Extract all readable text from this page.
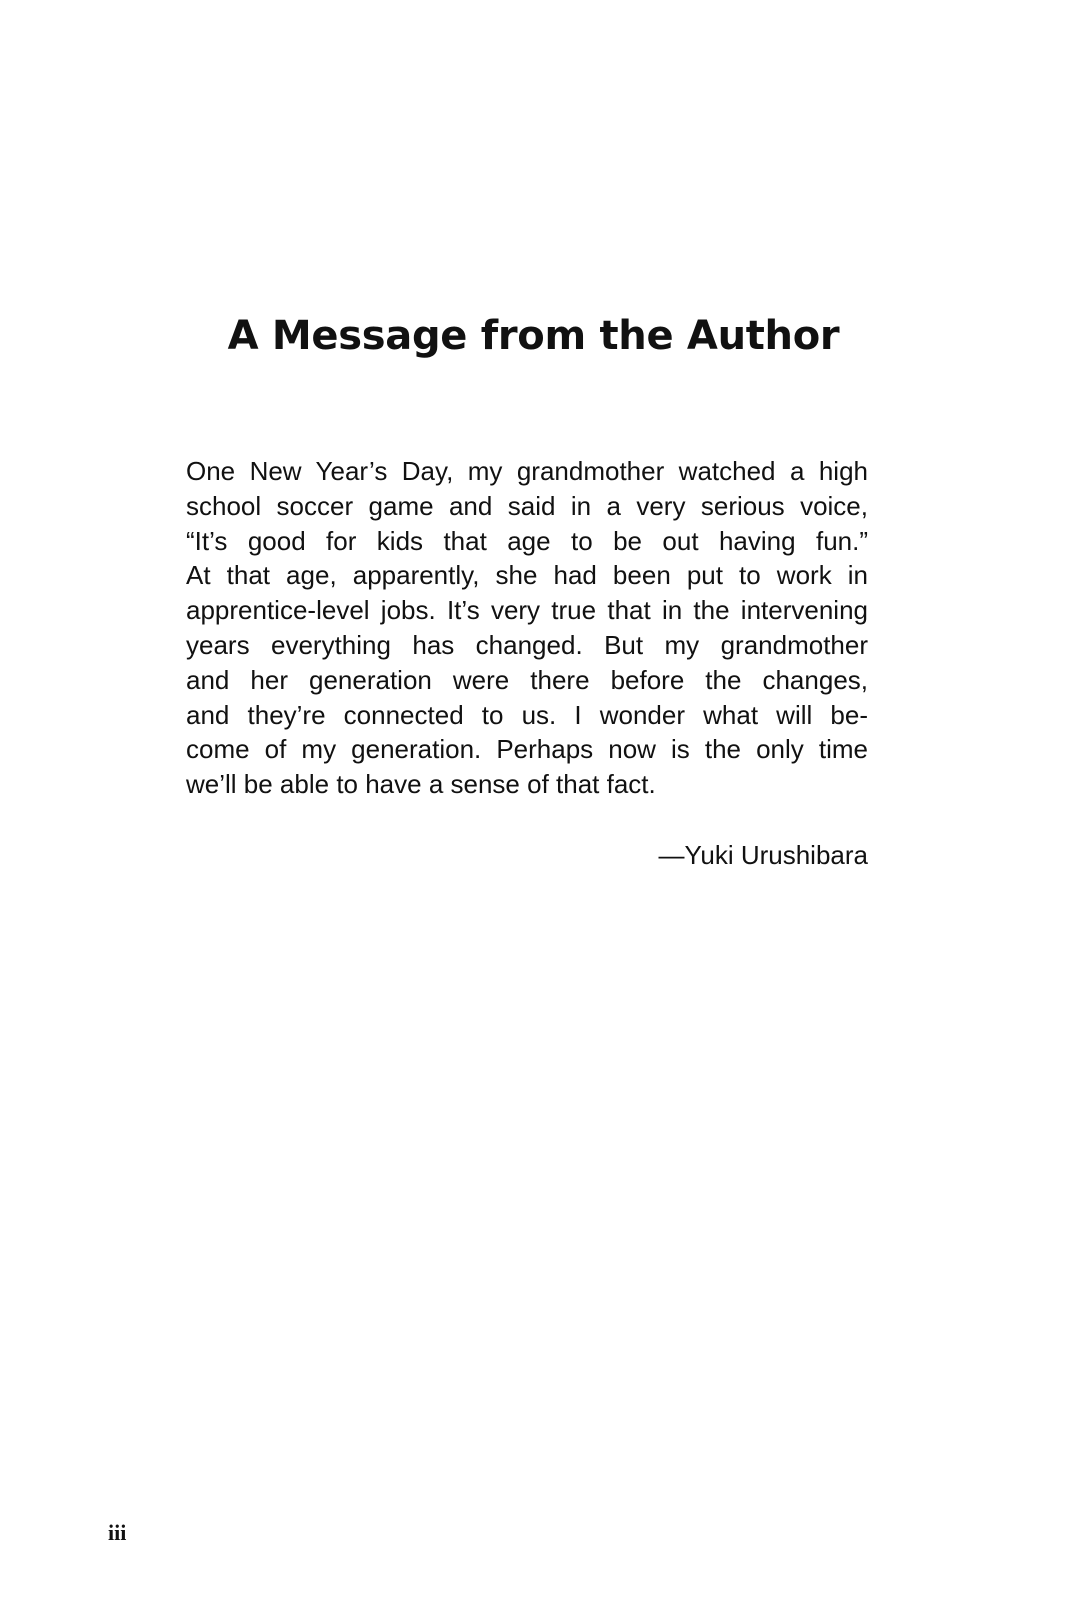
A Message from the Author
One New Year’s Day, my grandmother watched a high
school soccer game and said in a very serious voice,
“It’s good for kids that age to be out having fun.”
At that age, apparently, she had been put to work in
apprentice-level jobs. It’s very true that in the intervening
years everything has changed. But my grandmother
and her generation were there before the changes,
and they’re connected to us. I wonder what will be-
come of my generation. Perhaps now is the only time
we’ll be able to have a sense of that fact.
—Yuki Urushibara
iii
